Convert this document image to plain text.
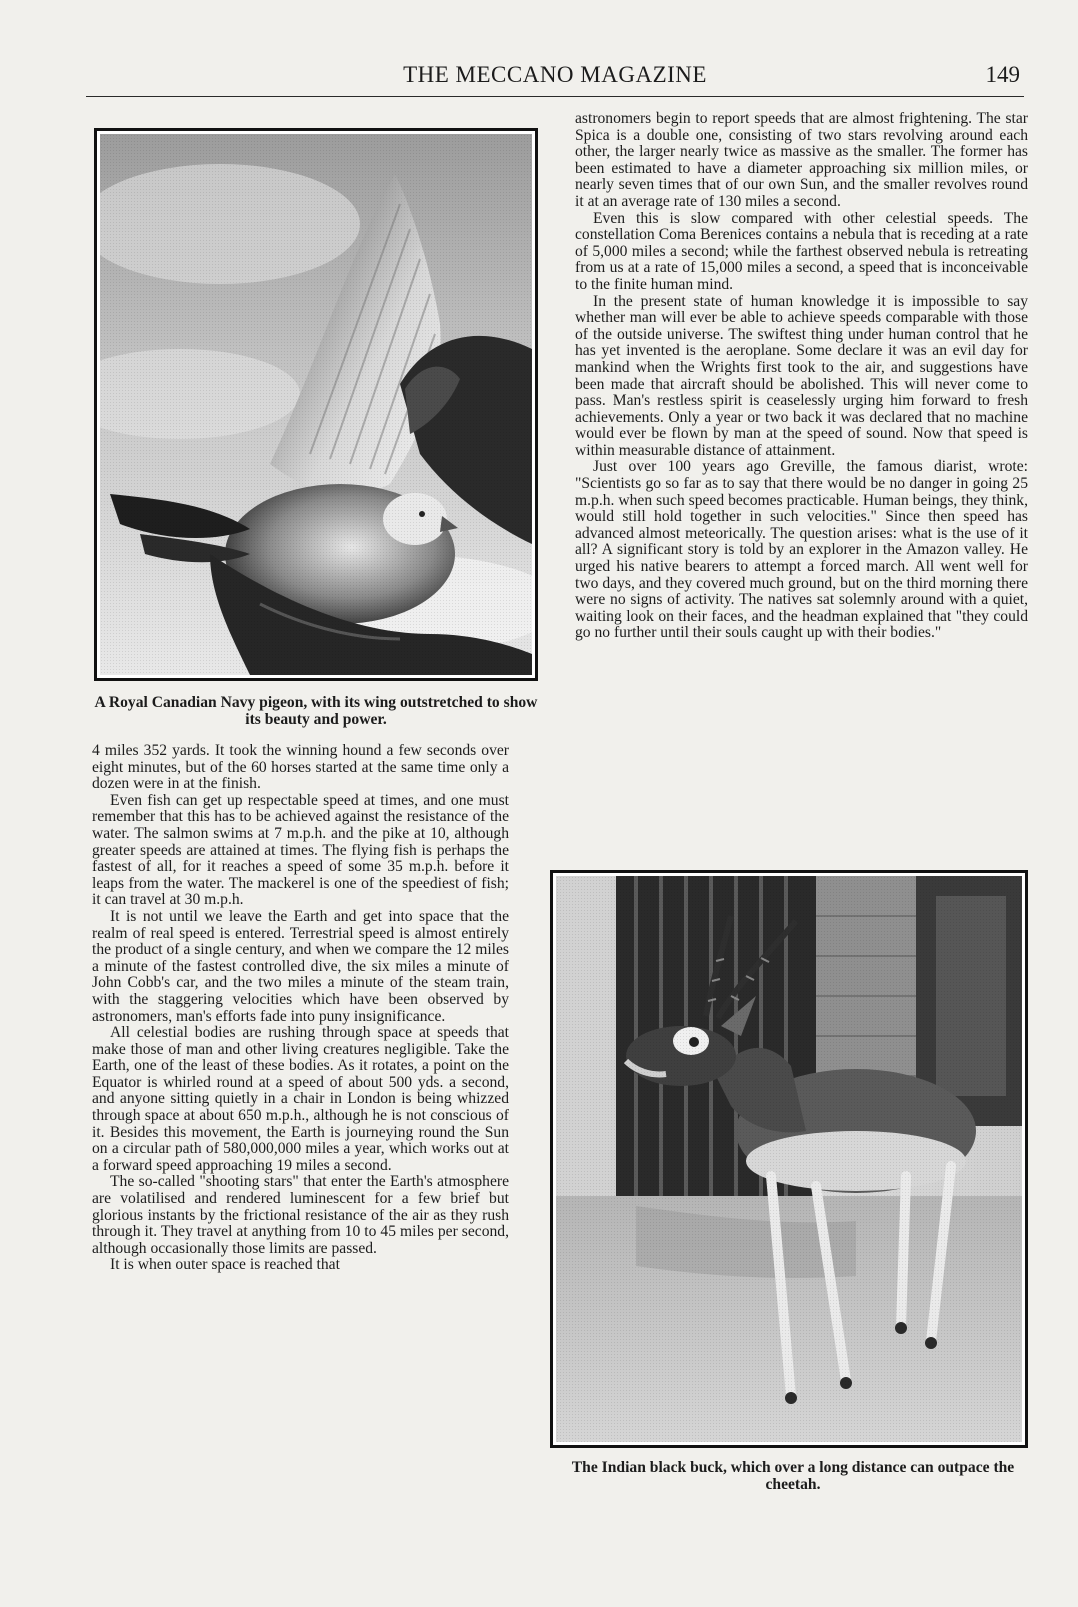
THE MECCANO MAGAZINE	149
A Royal Canadian Navy pigeon, with its wing outstretched to show its beauty and power.

4 miles 352 yards. It took the winning hound a few seconds over eight minutes, but of the 60 horses started at the same time only a dozen were in at the finish.

Even fish can get up respectable speed at times, and one must remember that this has to be achieved against the resistance of the water. The salmon swims at 7 m.p.h. and the pike at 10, although greater speeds are attained at times. The flying fish is perhaps the fastest of all, for it reaches a speed of some 35 m.p.h. before it leaps from the water. The mackerel is one of the speediest of fish; it can travel at 30 m.p.h.

It is not until we leave the Earth and get into space that the realm of real speed is entered. Terrestrial speed is almost entirely the product of a single century, and when we compare the 12 miles a minute of the fastest controlled dive, the six miles a minute of John Cobb's car, and the two miles a minute of the steam train, with the staggering velocities which have been observed by astronomers, man's efforts fade into puny insignificance.

All celestial bodies are rushing through space at speeds that make those of man and other living creatures negligible. Take the Earth, one of the least of these bodies. As it rotates, a point on the Equator is whirled round at a speed of about 500 yds. a second, and anyone sitting quietly in a chair in London is being whizzed through space at about 650 m.p.h., although he is not conscious of it. Besides this movement, the Earth is journeying round the Sun on a circular path of 580,000,000 miles a year, which works out at a forward speed approaching 19 miles a second.

The so-called "shooting stars" that enter the Earth's atmosphere are volatilised and rendered luminescent for a few brief but glorious instants by the frictional resistance of the air as they rush through it. They travel at anything from 10 to 45 miles per second, although occasionally those limits are passed.

It is when outer space is reached that

astronomers begin to report speeds that are almost frightening. The star Spica is a double one, consisting of two stars revolving around each other, the larger nearly twice as massive as the smaller. The former has been estimated to have a diameter approaching six million miles, or nearly seven times that of our own Sun, and the smaller revolves round it at an average rate of 130 miles a second.

Even this is slow compared with other celestial speeds. The constellation Coma Berenices contains a nebula that is receding at a rate of 5,000 miles a second; while the farthest observed nebula is retreating from us at a rate of 15,000 miles a second, a speed that is inconceivable to the finite human mind.

In the present state of human knowledge it is impossible to say whether man will ever be able to achieve speeds comparable with those of the outside universe. The swiftest thing under human control that he has yet invented is the aeroplane. Some declare it was an evil day for mankind when the Wrights first took to the air, and suggestions have been made that aircraft should be abolished. This will never come to pass. Man's restless spirit is ceaselessly urging him forward to fresh achievements. Only a year or two back it was declared that no machine would ever be flown by man at the speed of sound. Now that speed is within measurable distance of attainment.

Just over 100 years ago Greville, the famous diarist, wrote: "Scientists go so far as to say that there would be no danger in going 25 m.p.h. when such speed becomes practicable. Human beings, they think, would still hold together in such velocities." Since then speed has advanced almost meteorically. The question arises: what is the use of it all? A significant story is told by an explorer in the Amazon valley. He urged his native bearers to attempt a forced march. All went well for two days, and they covered much ground, but on the third morning there were no signs of activity. The natives sat solemnly around with a quiet, waiting look on their faces, and the headman explained that "they could go no further until their souls caught up with their bodies."

The Indian black buck, which over a long distance can outpace the cheetah.
